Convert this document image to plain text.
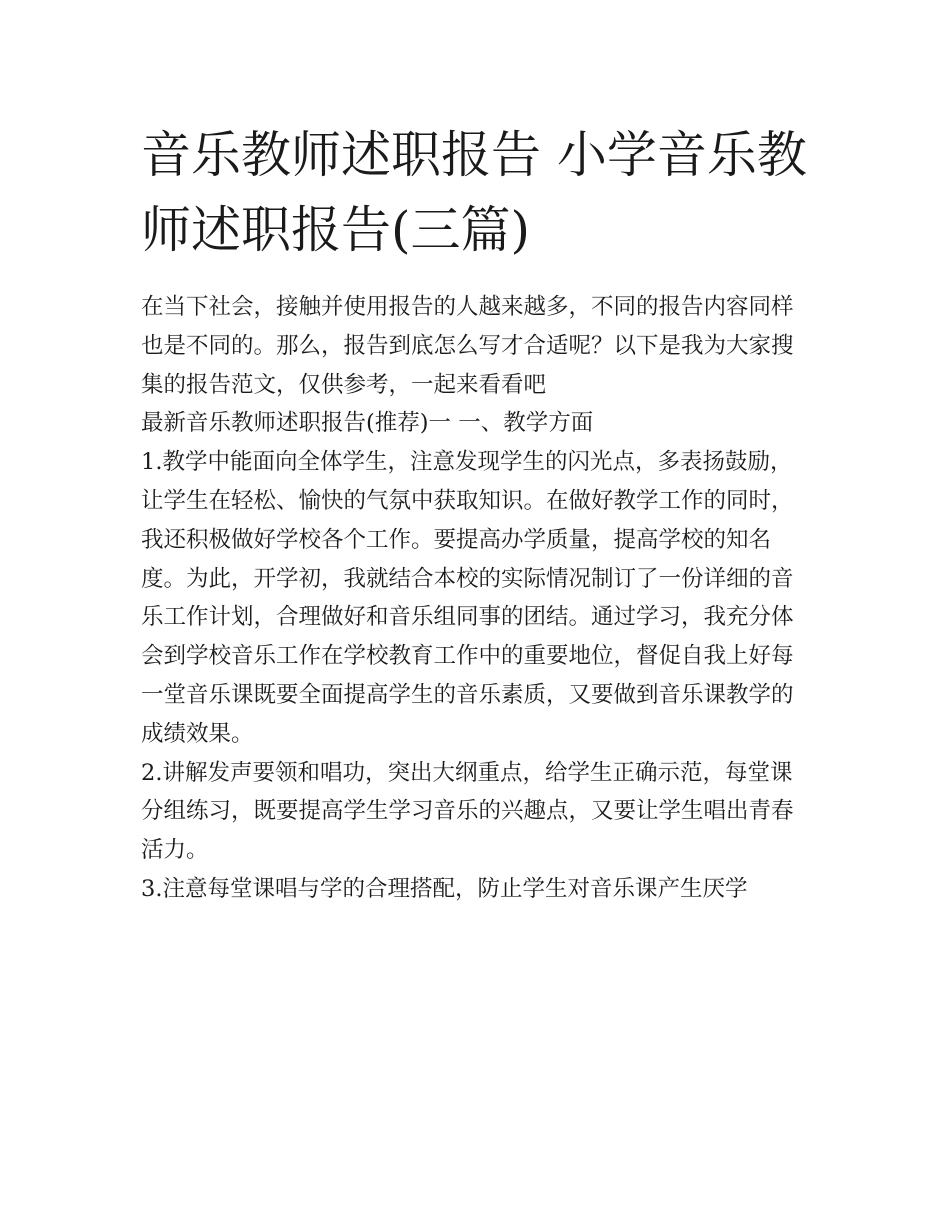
音乐教师述职报告 小学音乐教师述职报告(三篇)

在当下社会，接触并使用报告的人越来越多，不同的报告内容同样也是不同的。那么，报告到底怎么写才合适呢？以下是我为大家搜集的报告范文，仅供参考，一起来看看吧

最新音乐教师述职报告(推荐)一 一、教学方面

1.教学中能面向全体学生，注意发现学生的闪光点，多表扬鼓励，让学生在轻松、愉快的气氛中获取知识。在做好教学工作的同时，我还积极做好学校各个工作。要提高办学质量，提高学校的知名度。为此，开学初，我就结合本校的实际情况制订了一份详细的音乐工作计划，合理做好和音乐组同事的团结。通过学习，我充分体会到学校音乐工作在学校教育工作中的重要地位，督促自我上好每一堂音乐课既要全面提高学生的音乐素质，又要做到音乐课教学的成绩效果。

2.讲解发声要领和唱功，突出大纲重点，给学生正确示范，每堂课分组练习，既要提高学生学习音乐的兴趣点，又要让学生唱出青春活力。

3.注意每堂课唱与学的合理搭配，防止学生对音乐课产生厌学
